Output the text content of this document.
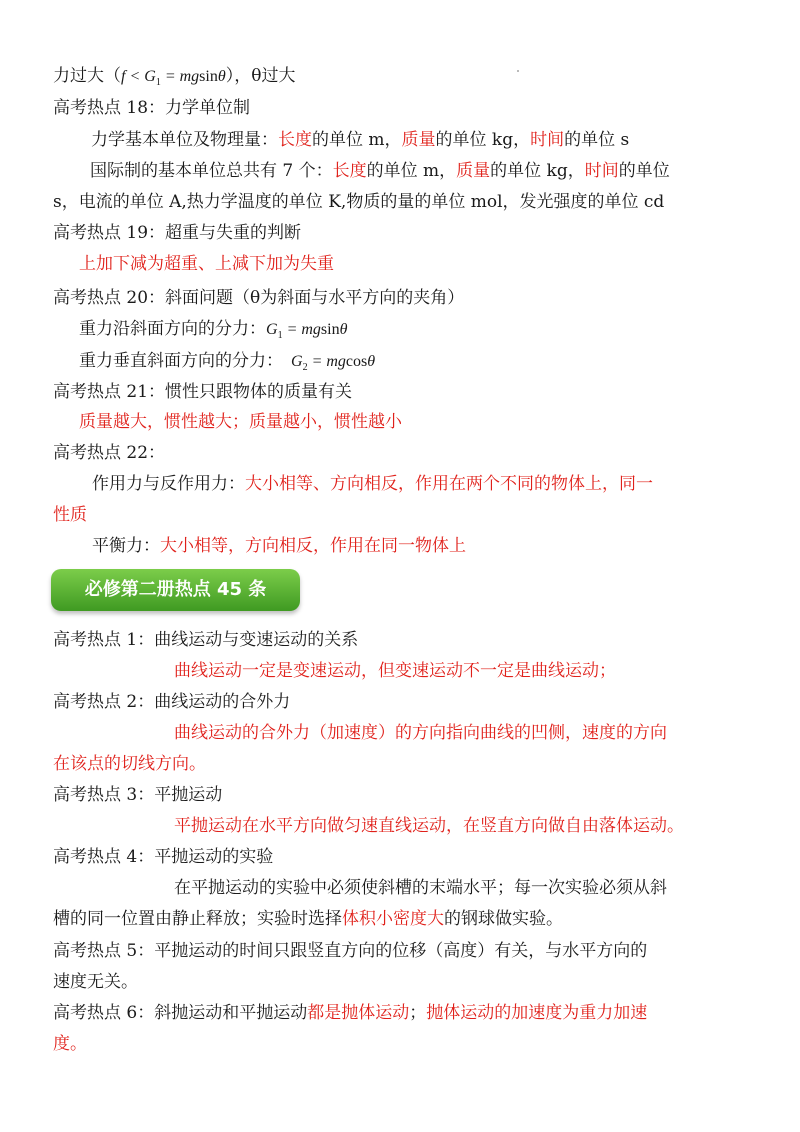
力过大$(f < G_1 = mgsin\theta)$，θ过大
高考热点 18：力学单位制
力学基本单位及物理量：长度的单位 m，质量的单位 kg，时间的单位 s
国际制的基本单位总共有 7 个：长度的单位 m，质量的单位 kg，时间的单位
s，电流的单位 A,热力学温度的单位 K,物质的量的单位 mol，发光强度的单位 cd
高考热点 19：超重与失重的判断
上加下减为超重、上减下加为失重
高考热点 20：斜面问题（θ为斜面与水平方向的夹角）
重力沿斜面方向的分力：$G_1 = mgsin\theta$
重力垂直斜面方向的分力： $G_2 = mgcos\theta$
高考热点 21：惯性只跟物体的质量有关
质量越大，惯性越大；质量越小，惯性越小
高考热点 22：
作用力与反作用力：大小相等、方向相反，作用在两个不同的物体上，同一
性质
平衡力：大小相等，方向相反，作用在同一物体上
必修第二册热点 45 条
高考热点 1：曲线运动与变速运动的关系
曲线运动一定是变速运动，但变速运动不一定是曲线运动；
高考热点 2：曲线运动的合外力
曲线运动的合外力（加速度）的方向指向曲线的凹侧，速度的方向
在该点的切线方向。
高考热点 3：平抛运动
平抛运动在水平方向做匀速直线运动，在竖直方向做自由落体运动。
高考热点 4：平抛运动的实验
在平抛运动的实验中必须使斜槽的末端水平；每一次实验必须从斜
槽的同一位置由静止释放；实验时选择体积小密度大的钢球做实验。
高考热点 5：平抛运动的时间只跟竖直方向的位移（高度）有关，与水平方向的
速度无关。
高考热点 6：斜抛运动和平抛运动都是抛体运动；抛体运动的加速度为重力加速
度。
